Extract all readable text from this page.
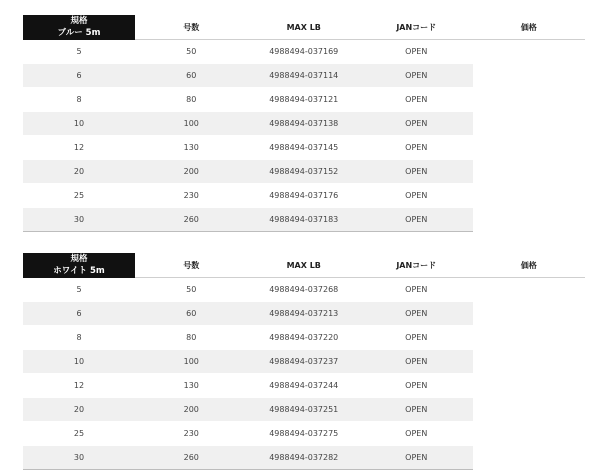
規格
ブルー 5m	号数	MAX LB	JANコード	価格
5	50	4988494-037169	OPEN	
6	60	4988494-037114	OPEN	
8	80	4988494-037121	OPEN	
10	100	4988494-037138	OPEN	
12	130	4988494-037145	OPEN	
20	200	4988494-037152	OPEN	
25	230	4988494-037176	OPEN	
30	260	4988494-037183	OPEN	
規格
ホワイト 5m	号数	MAX LB	JANコード	価格
5	50	4988494-037268	OPEN	
6	60	4988494-037213	OPEN	
8	80	4988494-037220	OPEN	
10	100	4988494-037237	OPEN	
12	130	4988494-037244	OPEN	
20	200	4988494-037251	OPEN	
25	230	4988494-037275	OPEN	
30	260	4988494-037282	OPEN	
